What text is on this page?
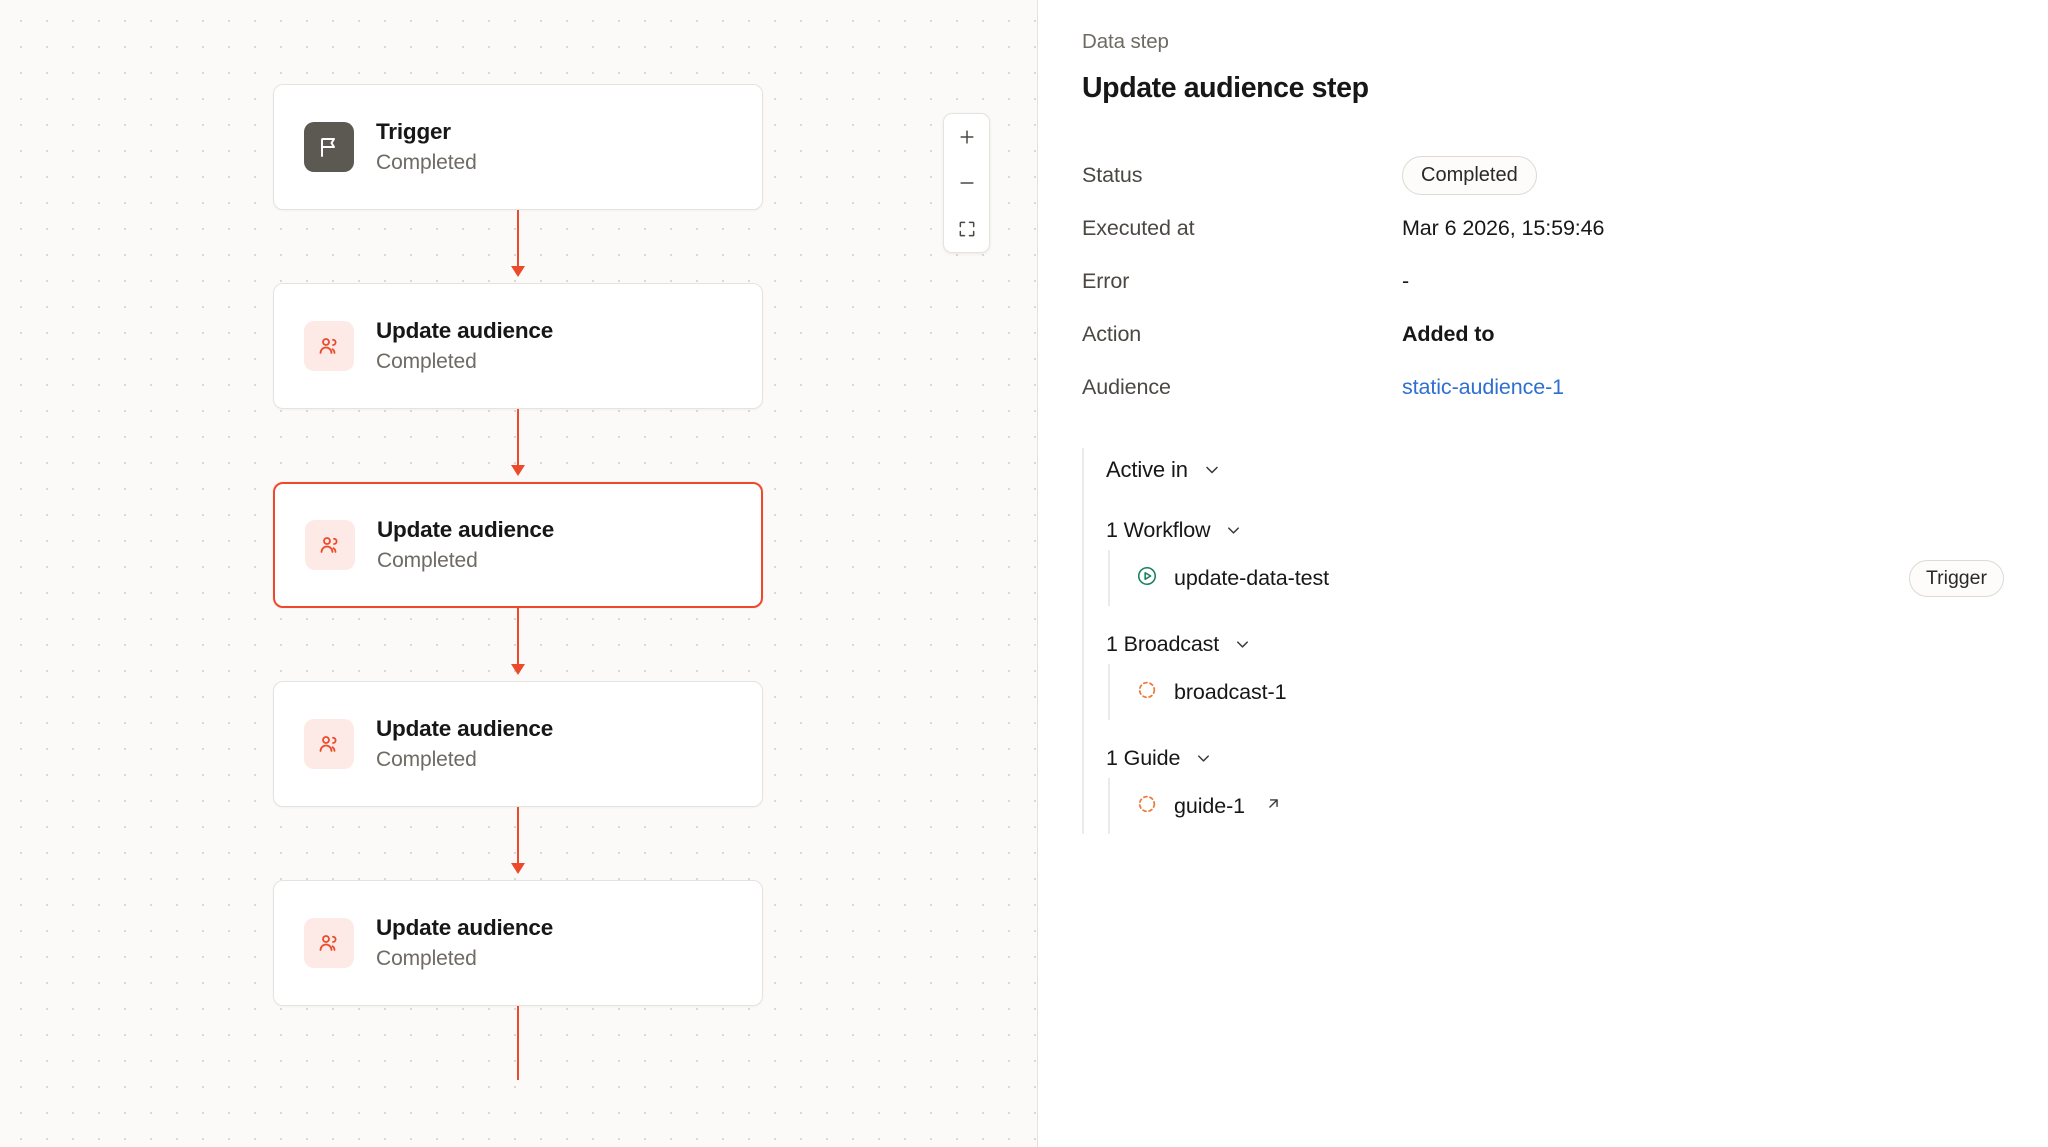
Trigger
Completed
Update audience
Completed
Update audience
Completed
Update audience
Completed
Update audience
Completed
Data step
Update audience step
Status	Completed
Executed at	Mar 6 2026, 15:59:46
Error	-
Action	Added to
Audience	static-audience-1
Active in
1 Workflow
update-data-test	Trigger
1 Broadcast
broadcast-1
1 Guide
guide-1
